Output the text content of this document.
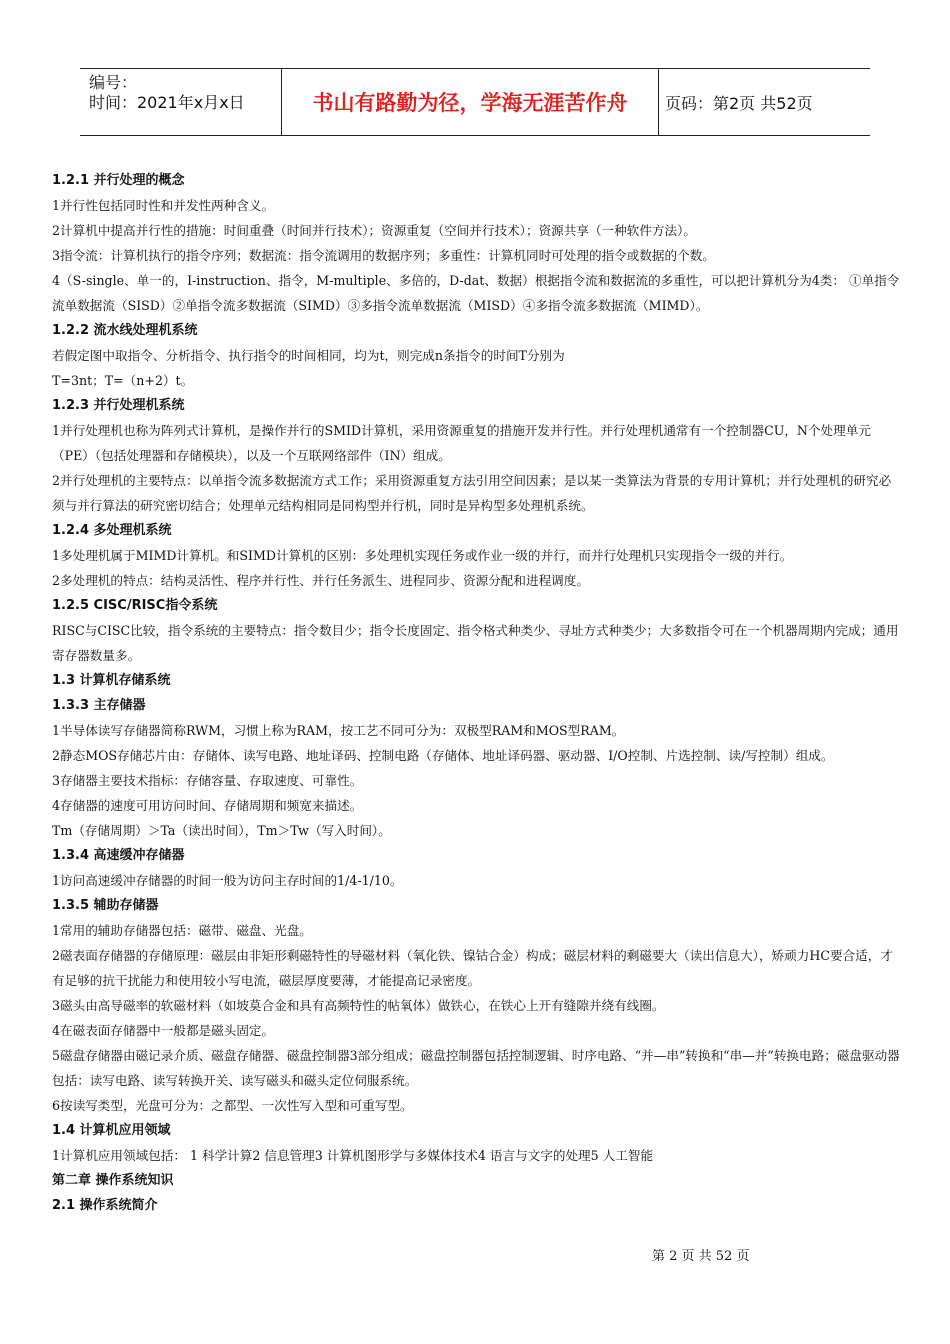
编号：
时间：2021年x月x日	书山有路勤为径，学海无涯苦作舟	页码：第2页 共52页
1.2.1 并行处理的概念
1并行性包括同时性和并发性两种含义。
2计算机中提高并行性的措施：时间重叠（时间并行技术）；资源重复（空间并行技术）；资源共享（一种软件方法）。
3指令流：计算机执行的指令序列；数据流：指令流调用的数据序列；多重性：计算机同时可处理的指令或数据的个数。
4（S-single、单一的，I-instruction、指令，M-multiple、多倍的，D-dat、数据）根据指令流和数据流的多重性，可以把计算机分为4类： ①单指令流单数据流（SISD）②单指令流多数据流（SIMD）③多指令流单数据流（MISD）④多指令流多数据流（MIMD）。
1.2.2 流水线处理机系统
若假定图中取指令、分析指令、执行指令的时间相同，均为t，则完成n条指令的时间T分别为
T=3nt；T=（n+2）t。
1.2.3 并行处理机系统
1并行处理机也称为阵列式计算机，是操作并行的SMID计算机，采用资源重复的措施开发并行性。并行处理机通常有一个控制器CU，N个处理单元（PE）（包括处理器和存储模块），以及一个互联网络部件（IN）组成。
2并行处理机的主要特点：以单指令流多数据流方式工作；采用资源重复方法引用空间因素；是以某一类算法为背景的专用计算机；并行处理机的研究必须与并行算法的研究密切结合；处理单元结构相同是同构型并行机，同时是异构型多处理机系统。
1.2.4 多处理机系统
1多处理机属于MIMD计算机。和SIMD计算机的区别：多处理机实现任务或作业一级的并行，而并行处理机只实现指令一级的并行。
2多处理机的特点：结构灵活性、程序并行性、并行任务派生、进程同步、资源分配和进程调度。
1.2.5 CISC/RISC指令系统
RISC与CISC比较，指令系统的主要特点：指令数目少；指令长度固定、指令格式种类少、寻址方式种类少；大多数指令可在一个机器周期内完成；通用寄存器数量多。
1.3 计算机存储系统
1.3.3 主存储器
1半导体读写存储器简称RWM，习惯上称为RAM，按工艺不同可分为：双极型RAM和MOS型RAM。
2静态MOS存储芯片由：存储体、读写电路、地址译码、控制电路（存储体、地址译码器、驱动器、I/O控制、片选控制、读/写控制）组成。
3存储器主要技术指标：存储容量、存取速度、可靠性。
4存储器的速度可用访问时间、存储周期和频宽来描述。
Tm（存储周期）＞Ta（读出时间），Tm＞Tw（写入时间）。
1.3.4 高速缓冲存储器
1访问高速缓冲存储器的时间一般为访问主存时间的1/4-1/10。
1.3.5 辅助存储器
1常用的辅助存储器包括：磁带、磁盘、光盘。
2磁表面存储器的存储原理：磁层由非矩形剩磁特性的导磁材料（氧化铁、镍钴合金）构成；磁层材料的剩磁要大（读出信息大），矫顽力HC要合适，才有足够的抗干扰能力和使用较小写电流，磁层厚度要薄，才能提高记录密度。
3磁头由高导磁率的软磁材料（如坡莫合金和具有高频特性的帖氧体）做铁心，在铁心上开有缝隙并绕有线圈。
4在磁表面存储器中一般都是磁头固定。
5磁盘存储器由磁记录介质、磁盘存储器、磁盘控制器3部分组成；磁盘控制器包括控制逻辑、时序电路、“并—串”转换和“串—并”转换电路；磁盘驱动器包括：读写电路、读写转换开关、读写磁头和磁头定位伺服系统。
6按读写类型，光盘可分为：之都型、一次性写入型和可重写型。
1.4 计算机应用领域
1计算机应用领域包括： 1 科学计算2 信息管理3 计算机图形学与多媒体技术4 语言与文字的处理5 人工智能
第二章 操作系统知识
2.1 操作系统简介
第 2 页 共 52 页
